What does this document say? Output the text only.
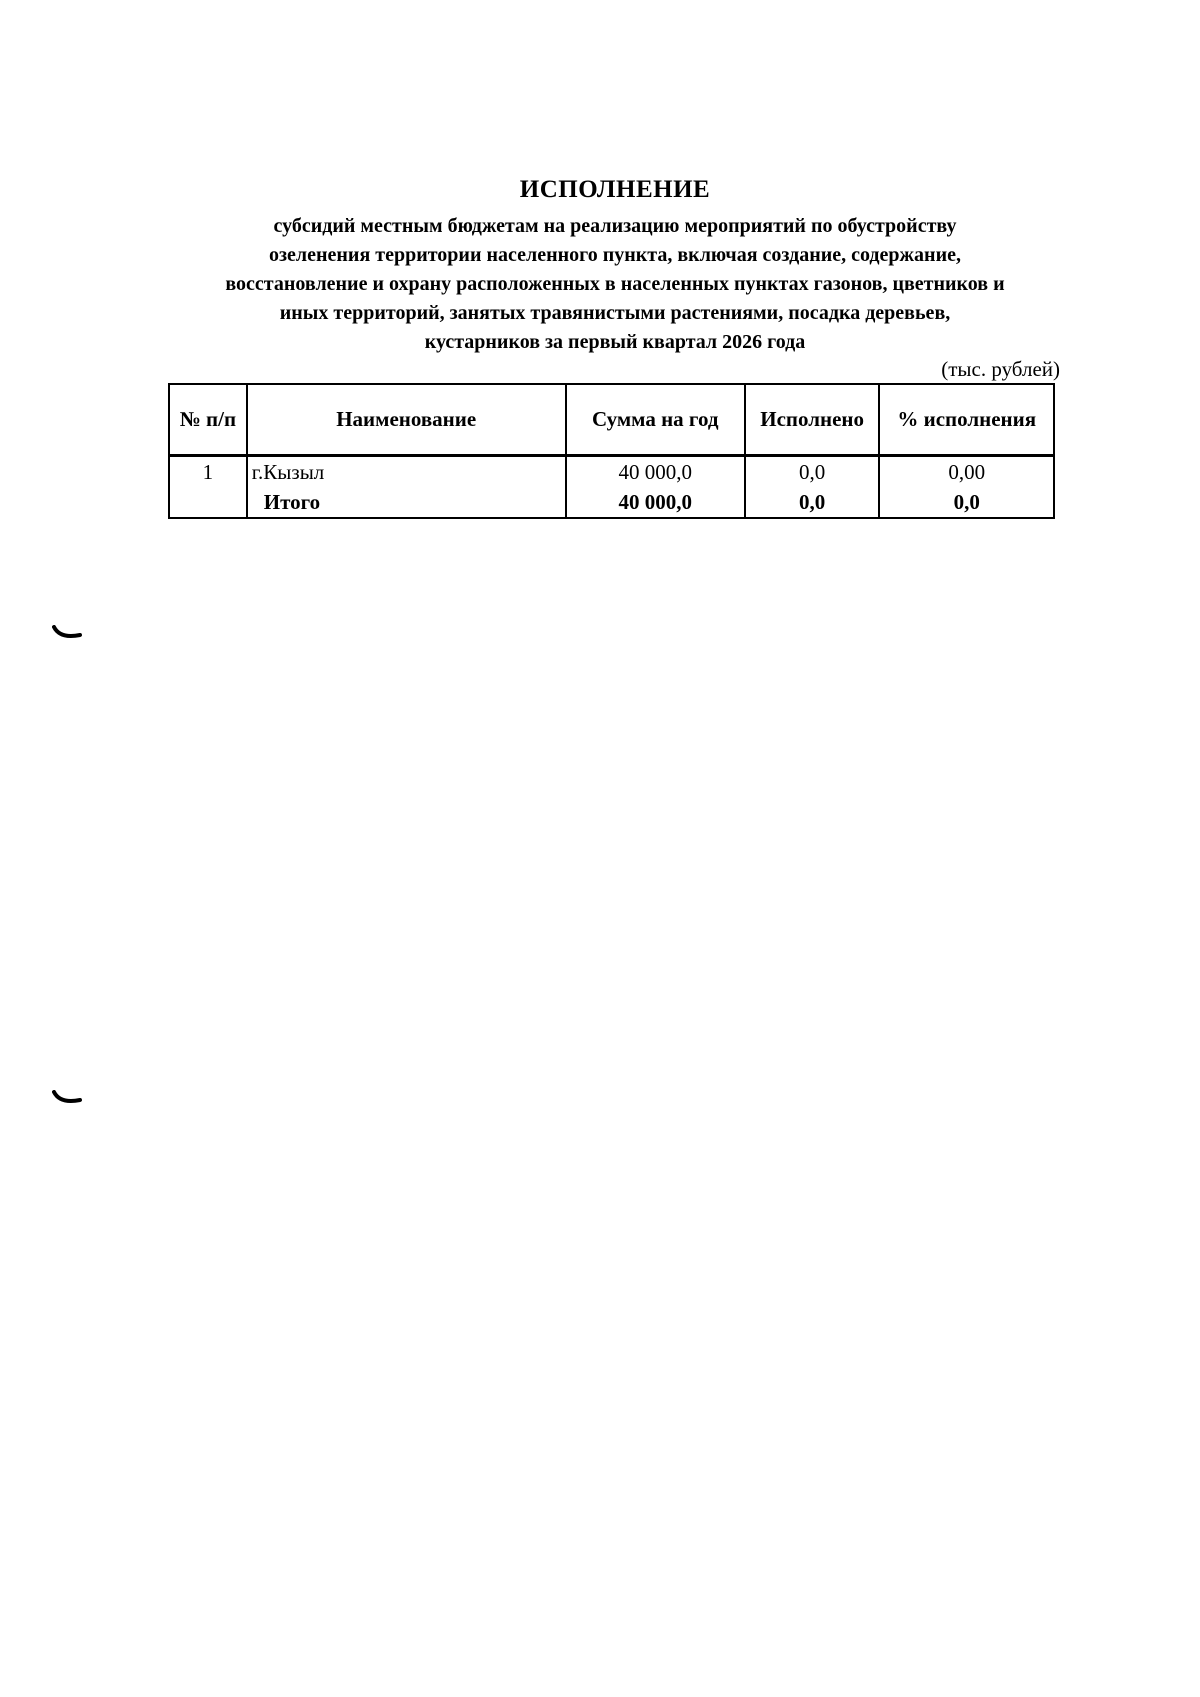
ИСПОЛНЕНИЕ
субсидий местным бюджетам на реализацию мероприятий по обустройству
озеленения территории населенного пункта, включая создание, содержание,
восстановление и охрану расположенных в населенных пунктах газонов, цветников и
иных территорий, занятых травянистыми растениями, посадка деревьев,
кустарников за первый квартал 2026 года
(тыс. рублей)
№ п/п	Наименование	Сумма на год	Исполнено	% исполнения
1	г.Кызыл	40 000,0	0,0	0,00
	Итого	40 000,0	0,0	0,0
